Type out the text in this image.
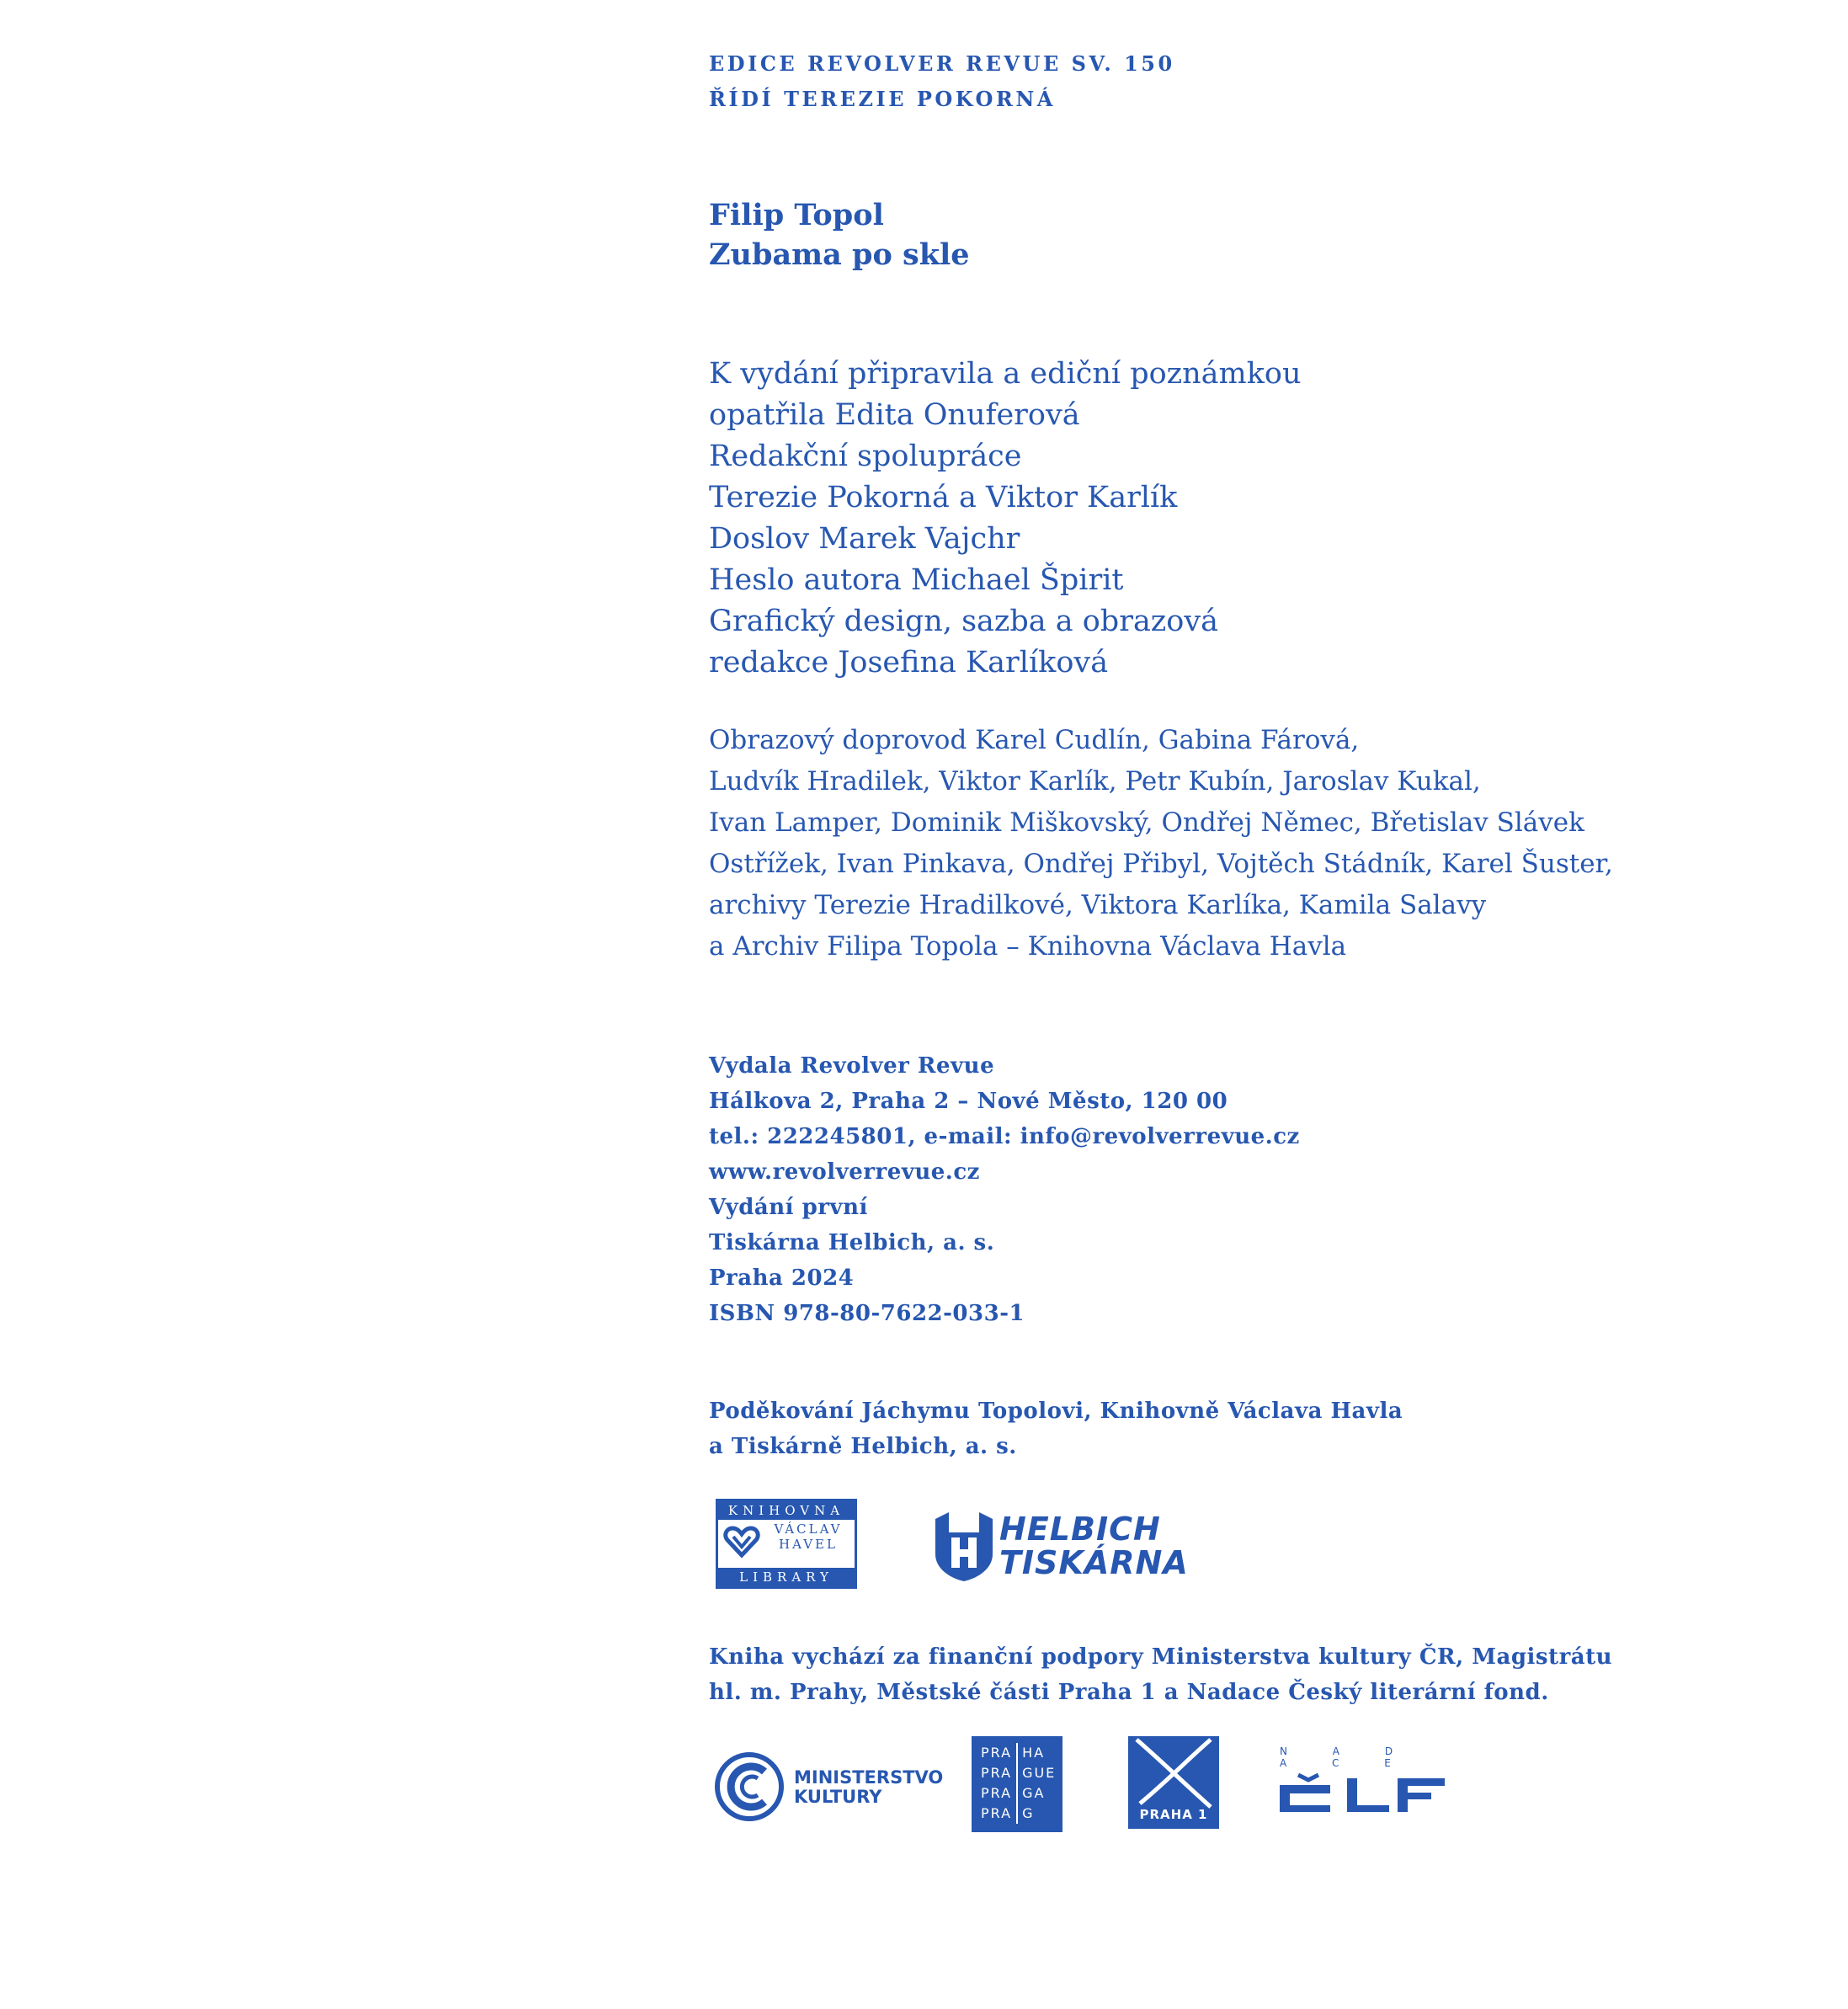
EDICE REVOLVER REVUE SV. 150
ŘÍDÍ TEREZIE POKORNÁ
Filip Topol
Zubama po skle
K vydání připravila a ediční poznámkou
opatřila Edita Onuferová
Redakční spolupráce
Terezie Pokorná a Viktor Karlík
Doslov Marek Vajchr
Heslo autora Michael Špirit
Grafický design, sazba a obrazová
redakce Josefina Karlíková
Obrazový doprovod Karel Cudlín, Gabina Fárová,
Ludvík Hradilek, Viktor Karlík, Petr Kubín, Jaroslav Kukal,
Ivan Lamper, Dominik Miškovský, Ondřej Němec, Břetislav Slávek
Ostřížek, Ivan Pinkava, Ondřej Přibyl, Vojtěch Stádník, Karel Šuster,
archivy Terezie Hradilkové, Viktora Karlíka, Kamila Salavy
a Archiv Filipa Topola – Knihovna Václava Havla
Vydala Revolver Revue
Hálkova 2, Praha 2 – Nové Město, 120 00
tel.: 222245801, e-mail: info@revolverrevue.cz
www.revolverrevue.cz
Vydání první
Tiskárna Helbich, a. s.
Praha 2024
ISBN 978-80-7622-033-1
Poděkování Jáchymu Topolovi, Knihovně Václava Havla
a Tiskárně Helbich, a. s.
KNIHOVNA
VÁCLAV
HAVEL
LIBRARY
HELBICH
TISKÁRNA
Kniha vychází za finanční podpory Ministerstva kultury ČR, Magistrátu
hl. m. Prahy, Městské části Praha 1 a Nadace Český literární fond.
MINISTERSTVO
KULTURY
PRA	HA
PRA	GUE
PRA	GA
PRA	G	PRAHA 1
N A D A C E
